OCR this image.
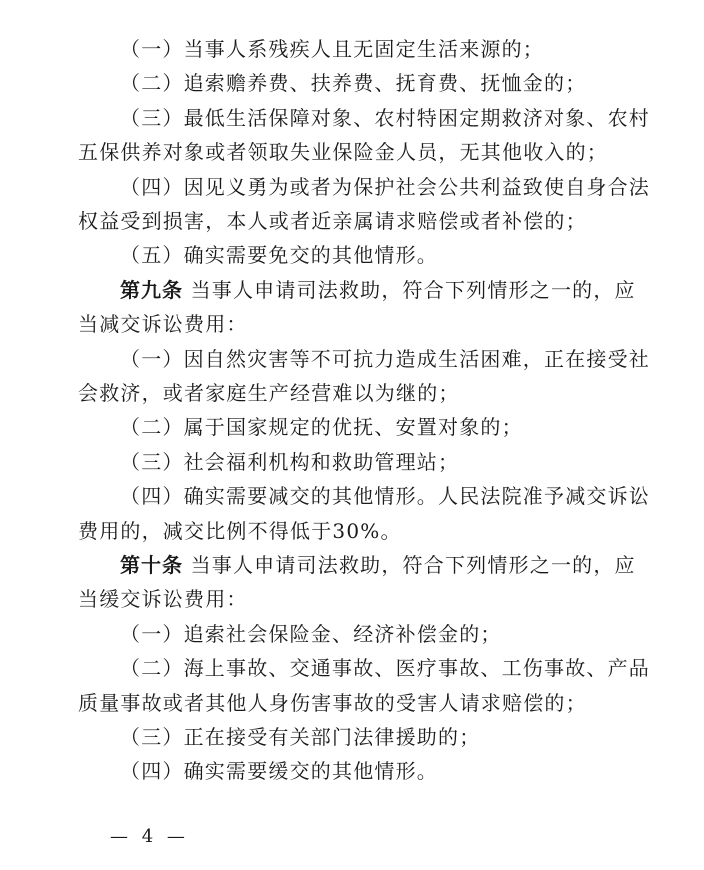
（一）当事人系残疾人且无固定生活来源的；
（二）追索赡养费、扶养费、抚育费、抚恤金的；
（三）最低生活保障对象、农村特困定期救济对象、农村
五保供养对象或者领取失业保险金人员，无其他收入的；
（四）因见义勇为或者为保护社会公共利益致使自身合法
权益受到损害，本人或者近亲属请求赔偿或者补偿的；
（五）确实需要免交的其他情形。
第九条 当事人申请司法救助，符合下列情形之一的，应
当减交诉讼费用：
（一）因自然灾害等不可抗力造成生活困难，正在接受社
会救济，或者家庭生产经营难以为继的；
（二）属于国家规定的优抚、安置对象的；
（三）社会福利机构和救助管理站；
（四）确实需要减交的其他情形。人民法院准予减交诉讼
费用的，减交比例不得低于30%。
第十条 当事人申请司法救助，符合下列情形之一的，应
当缓交诉讼费用：
（一）追索社会保险金、经济补偿金的；
（二）海上事故、交通事故、医疗事故、工伤事故、产品
质量事故或者其他人身伤害事故的受害人请求赔偿的；
（三）正在接受有关部门法律援助的；
（四）确实需要缓交的其他情形。
— 4 —
